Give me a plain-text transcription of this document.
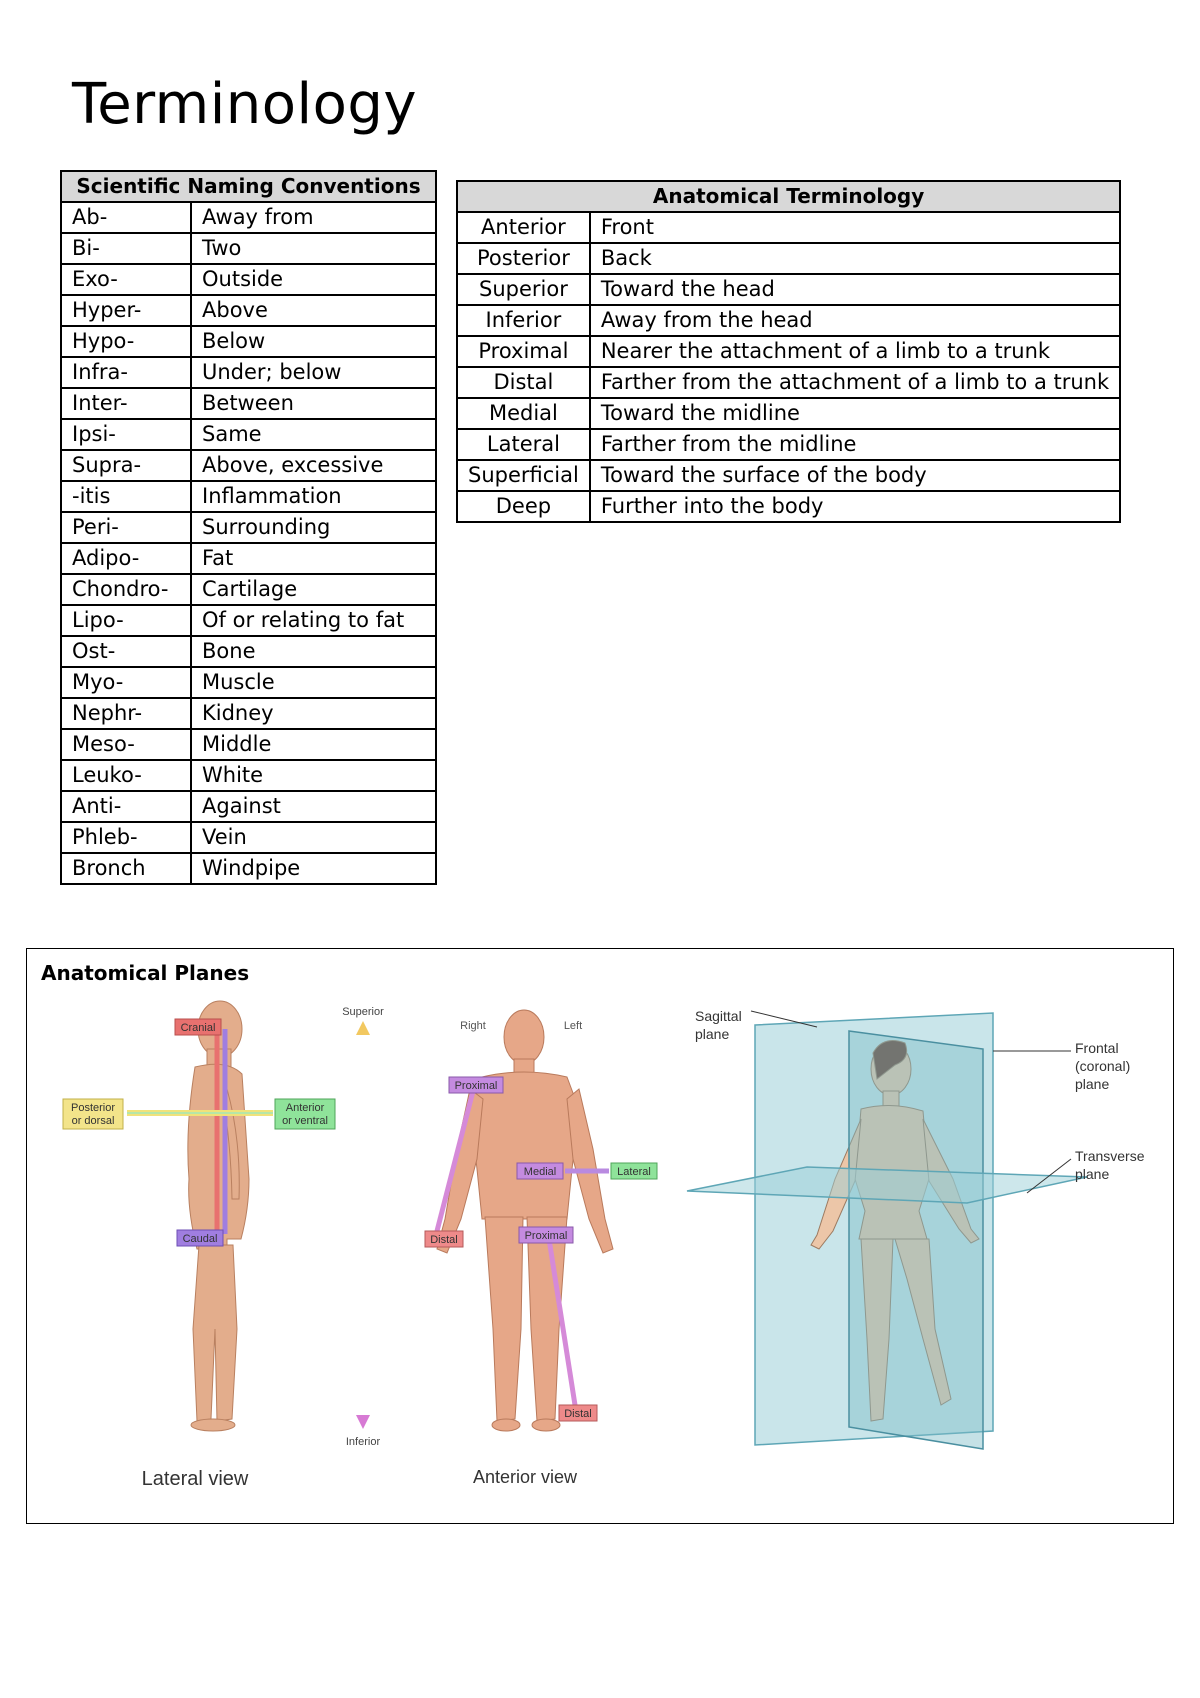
Terminology
Scientific Naming Conventions	
Ab-	Away from
Bi-	Two
Exo-	Outside
Hyper-	Above
Hypo-	Below
Infra-	Under; below
Inter-	Between
Ipsi-	Same
Supra-	Above, excessive
-itis	Inflammation
Peri-	Surrounding
Adipo-	Fat
Chondro-	Cartilage
Lipo-	Of or relating to fat
Ost-	Bone
Myo-	Muscle
Nephr-	Kidney
Meso-	Middle
Leuko-	White
Anti-	Against
Phleb-	Vein
Bronch	Windpipe
Anatomical Terminology	
Anterior	Front
Posterior	Back
Superior	Toward the head
Inferior	Away from the head
Proximal	Nearer the attachment of a limb to a trunk
Distal	Farther from the attachment of a limb to a trunk
Medial	Toward the midline
Lateral	Farther from the midline
Superficial	Toward the surface of the body
Deep	Further into the body
Anatomical Planes
Cranial
Caudal
Posterior
or dorsal
Anterior
or ventral
Superior
Inferior
Lateral view
Right	Left
Proximal
Distal
Medial	Lateral
Proximal
Distal
Anterior view
Sagittal
plane
Frontal
(coronal)
plane
Transverse
plane
